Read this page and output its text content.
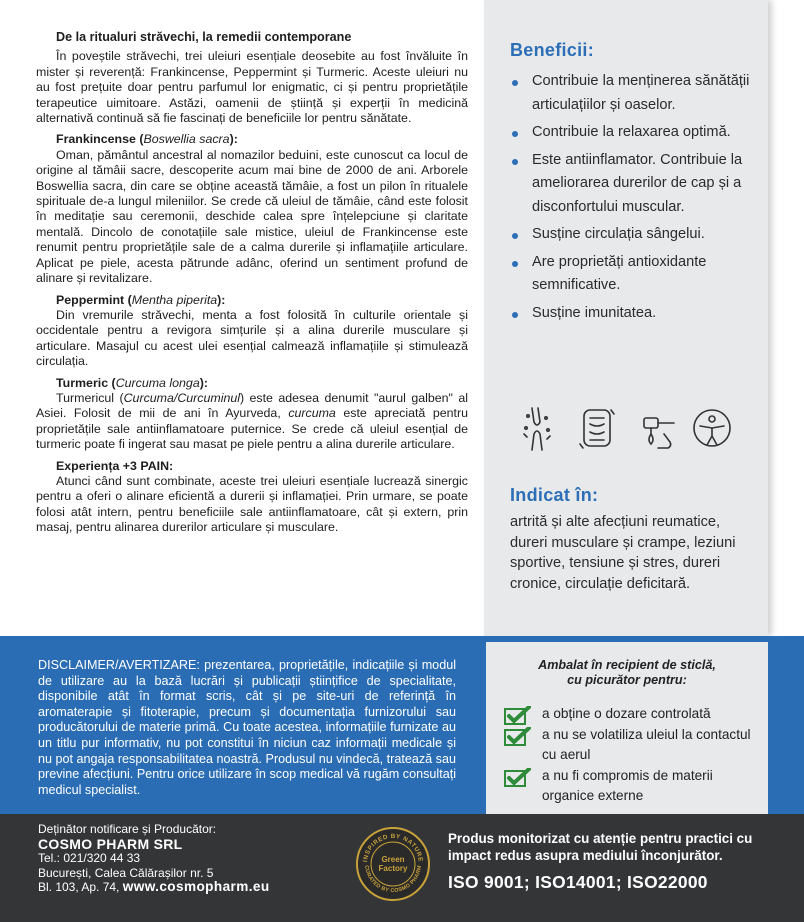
De la ritualuri străvechi, la remedii contemporane

În poveștile străvechi, trei uleiuri esențiale deosebite au fost învăluite în mister și reverență: Frankincense, Peppermint și Turmeric. Aceste uleiuri nu au fost prețuite doar pentru parfumul lor enigmatic, ci și pentru proprietățile terapeutice uimitoare. Astăzi, oamenii de știință și experții în medicină alternativă continuă să fie fascinați de beneficiile lor pentru sănătate.

Frankincense (Boswellia sacra):

Oman, pământul ancestral al nomazilor beduini, este cunoscut ca locul de origine al tămâii sacre, descoperite acum mai bine de 2000 de ani. Arborele Boswellia sacra, din care se obține această tămâie, a fost un pilon în ritualele spirituale de-a lungul mileniilor. Se crede că uleiul de tămâie, când este folosit în meditație sau ceremonii, deschide calea spre înțelepciune și claritate mentală. Dincolo de conotațiile sale mistice, uleiul de Frankincense este renumit pentru proprietățile sale de a calma durerile și inflamațiile articulare. Aplicat pe piele, acesta pătrunde adânc, oferind un sentiment profund de alinare și revitalizare.

Peppermint (Mentha piperita):

Din vremurile străvechi, menta a fost folosită în culturile orientale și occidentale pentru a revigora simțurile și a alina durerile musculare și articulare. Masajul cu acest ulei esențial calmează inflamațiile și stimulează circulația.

Turmeric (Curcuma longa):

Turmericul (Curcuma/Curcuminul) este adesea denumit "aurul galben" al Asiei. Folosit de mii de ani în Ayurveda, curcuma este apreciată pentru proprietățile sale antiinflamatoare puternice. Se crede că uleiul esențial de turmeric poate fi ingerat sau masat pe piele pentru a alina durerile articulare.

Experiența +3 PAIN:

Atunci când sunt combinate, aceste trei uleiuri esențiale lucrează sinergic pentru a oferi o alinare eficientă a durerii și inflamației. Prin urmare, se poate folosi atât intern, pentru beneficiile sale antiinflamatoare, cât și extern, prin masaj, pentru alinarea durerilor articulare și musculare.

Beneficii:
Contribuie la menținerea sănătății articulațiilor și oaselor.
Contribuie la relaxarea optimă.
Este antiinflamator. Contribuie la ameliorarea durerilor de cap și a disconfortului muscular.
Susține circulația sângelui.
Are proprietăți antioxidante semnificative.
Susține imunitatea.
Indicat în:
artrită și alte afecțiuni reumatice, dureri musculare și crampe, leziuni sportive, tensiune și stres, dureri cronice, circulație deficitară.
DISCLAIMER/AVERTIZARE: prezentarea, proprietățile, indicațiile și modul de utilizare au la bază lucrări și publicații științifice de specialitate, disponibile atât în format scris, cât și pe site-uri de referință în aromaterapie și fitoterapie, precum și documentația furnizorului sau producătorului de materie primă. Cu toate acestea, informațiile furnizate au un titlu pur informativ, nu pot constitui în niciun caz informații medicale și nu pot angaja responsabilitatea noastră. Produsul nu vindecă, tratează sau previne afecțiuni. Pentru orice utilizare în scop medical vă rugăm consultați medicul specialist.
Ambalat în recipient de sticlă,
cu picurător pentru:
a obține o dozare controlată
a nu se volatiliza uleiul la contactul cu aerul
a nu fi compromis de materii organice externe
Deținător notificare și Producător:
COSMO PHARM SRL
Tel.: 021/320 44 33
București, Calea Călărașilor nr. 5
Bl. 103, Ap. 74, www.cosmopharm.eu
INSPIRED BY NATURE
CURATED BY COSMO PHARM
Green
Factory
Produs monitorizat cu atenție pentru practici cu impact redus asupra mediului înconjurător.
ISO 9001; ISO14001; ISO22000
